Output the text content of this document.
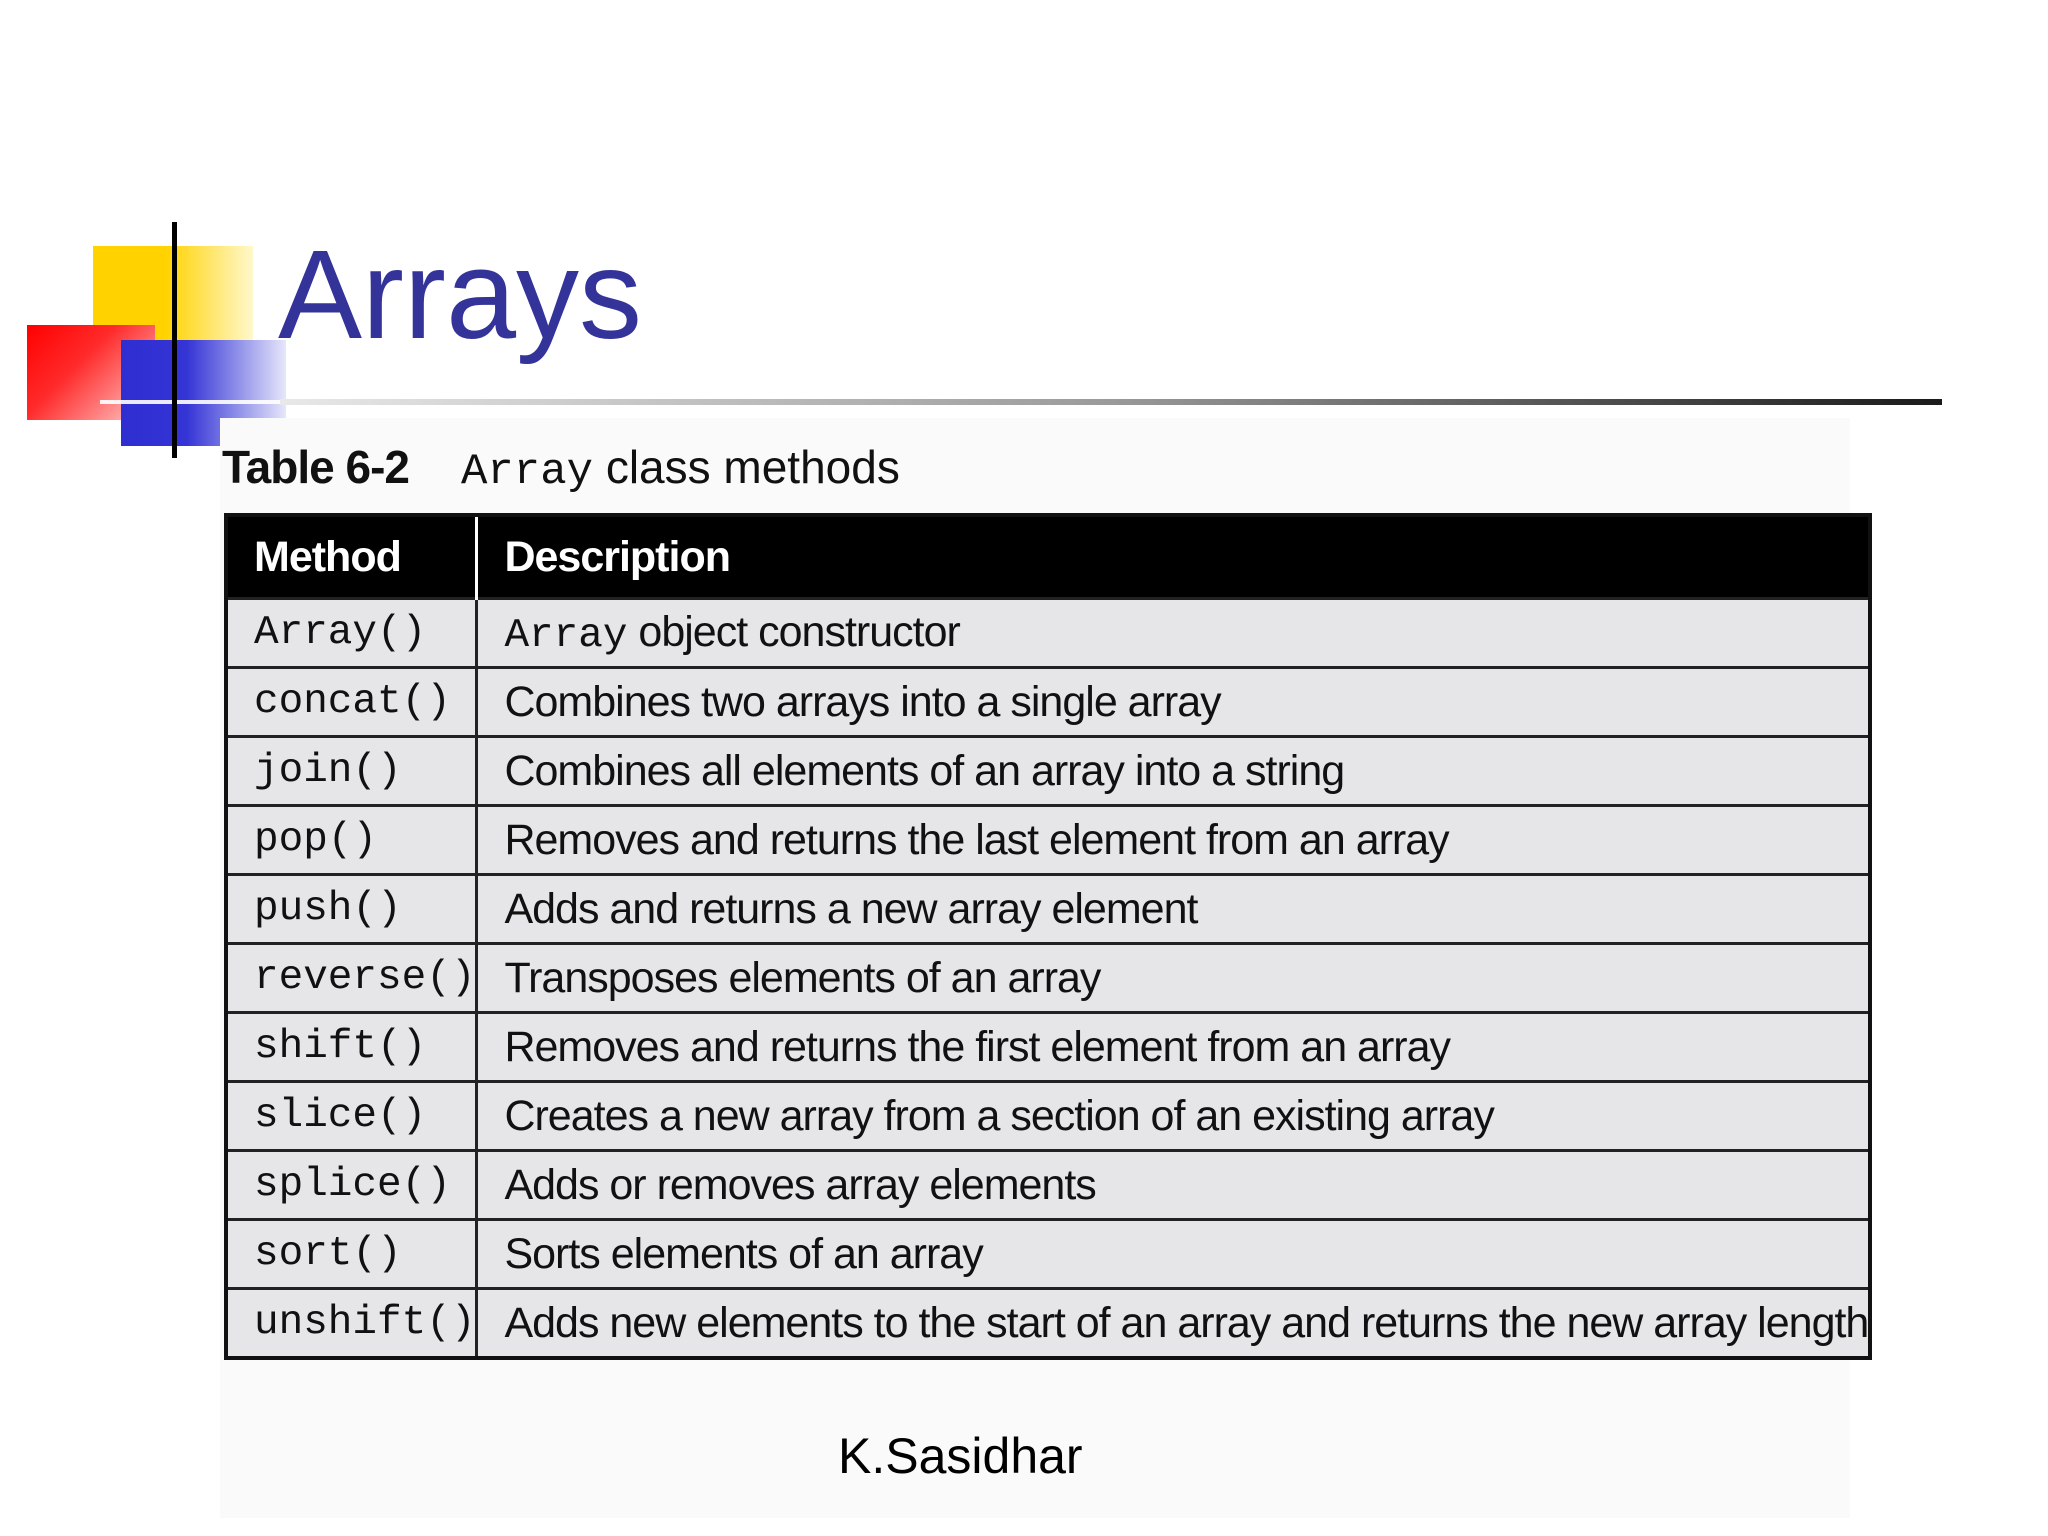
Arrays
Table 6-2 Array class methods
Method	Description
Array()	Array object constructor
concat()	Combines two arrays into a single array
join()	Combines all elements of an array into a string
pop()	Removes and returns the last element from an array
push()	Adds and returns a new array element
reverse()	Transposes elements of an array
shift()	Removes and returns the first element from an array
slice()	Creates a new array from a section of an existing array
splice()	Adds or removes array elements
sort()	Sorts elements of an array
unshift()	Adds new elements to the start of an array and returns the new array length
K.Sasidhar
